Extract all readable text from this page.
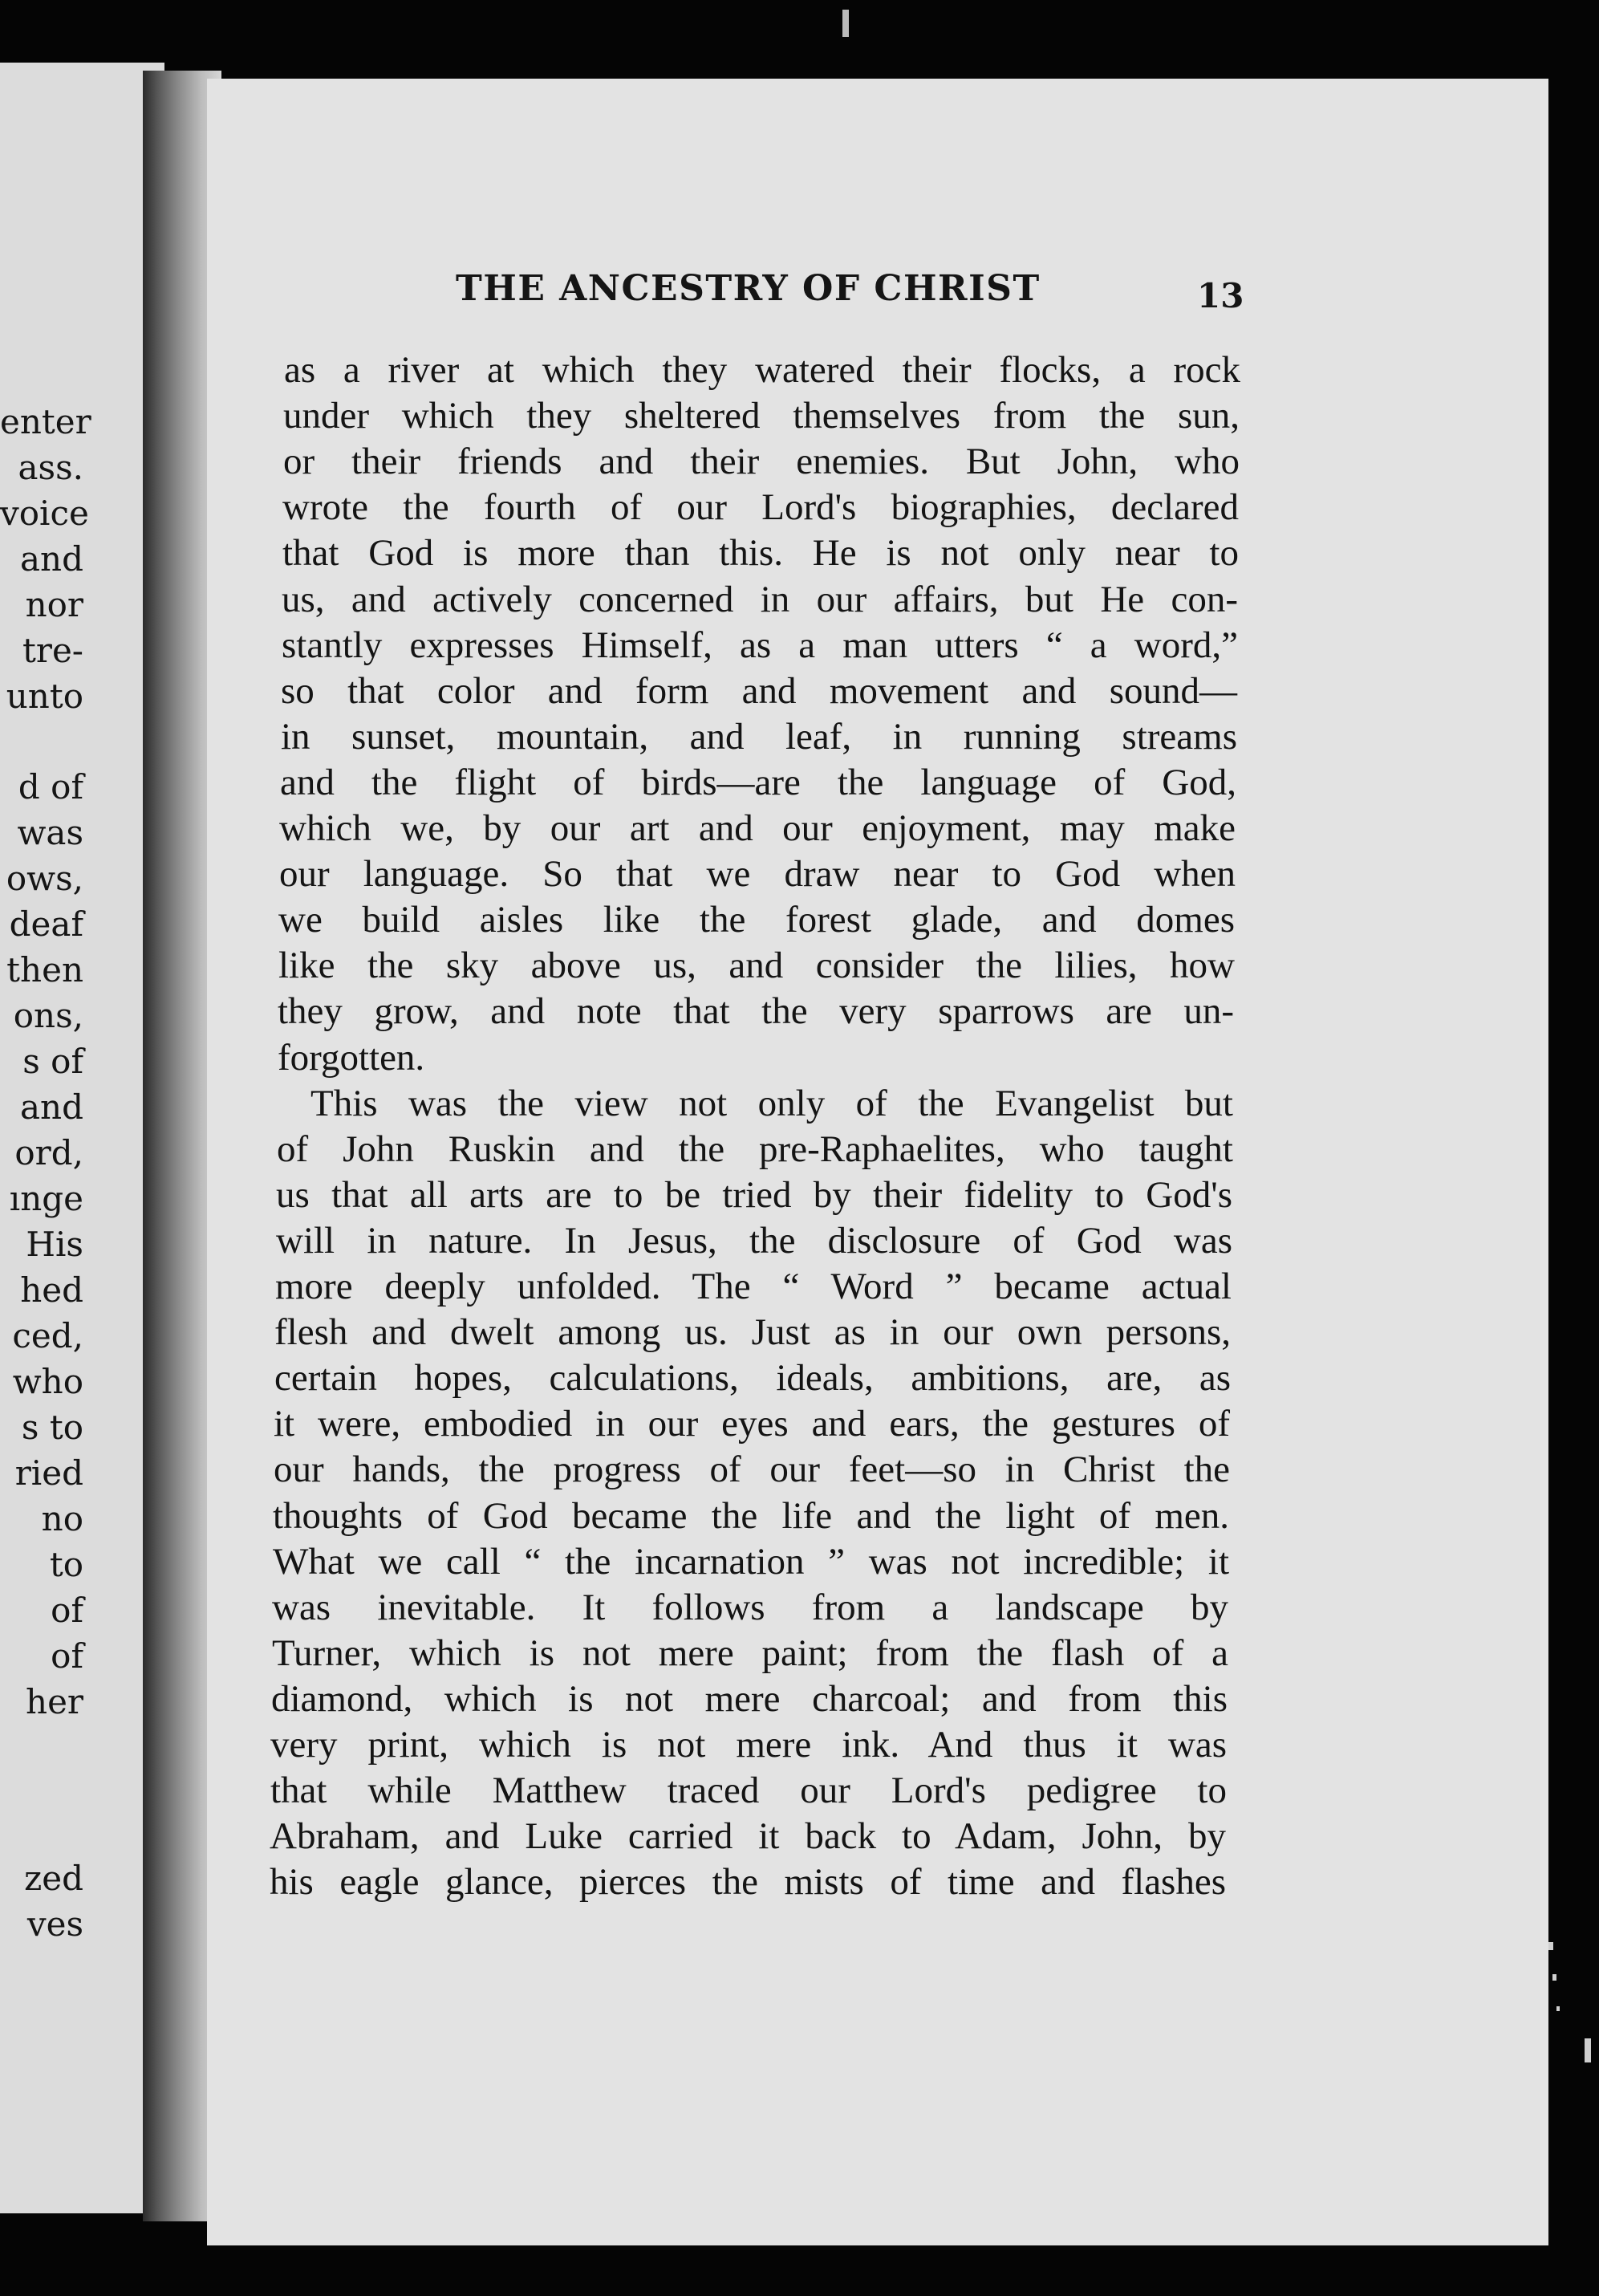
THE ANCESTRY OF CHRIST	13
as a river at which they watered their flocks, a rock
under which they sheltered themselves from the sun,
or their friends and their enemies. But John, who
wrote the fourth of our Lord's biographies, declared
that God is more than this. He is not only near to
us, and actively concerned in our affairs, but He con-
stantly expresses Himself, as a man utters “ a word,”
so that color and form and movement and sound—
in sunset, mountain, and leaf, in running streams
and the flight of birds—are the language of God,
which we, by our art and our enjoyment, may make
our language. So that we draw near to God when
we build aisles like the forest glade, and domes
like the sky above us, and consider the lilies, how
they grow, and note that the very sparrows are un-
forgotten.
This was the view not only of the Evangelist but
of John Ruskin and the pre-Raphaelites, who taught
us that all arts are to be tried by their fidelity to God's
will in nature. In Jesus, the disclosure of God was
more deeply unfolded. The “ Word ” became actual
flesh and dwelt among us. Just as in our own persons,
certain hopes, calculations, ideals, ambitions, are, as
it were, embodied in our eyes and ears, the gestures of
our hands, the progress of our feet—so in Christ the
thoughts of God became the life and the light of men.
What we call “ the incarnation ” was not incredible; it
was inevitable. It follows from a landscape by
Turner, which is not mere paint; from the flash of a
diamond, which is not mere charcoal; and from this
very print, which is not mere ink. And thus it was
that while Matthew traced our Lord's pedigree to
Abraham, and Luke carried it back to Adam, John, by
his eagle glance, pierces the mists of time and flashes
enter
ass.
voice
and
nor
tre-
unto
d of
was
ows,
deaf
then
ons,
s of
and
ord,
ınge
His
hed
ced,
who
s to
ried
no
to
of
of
her
zed
ves
